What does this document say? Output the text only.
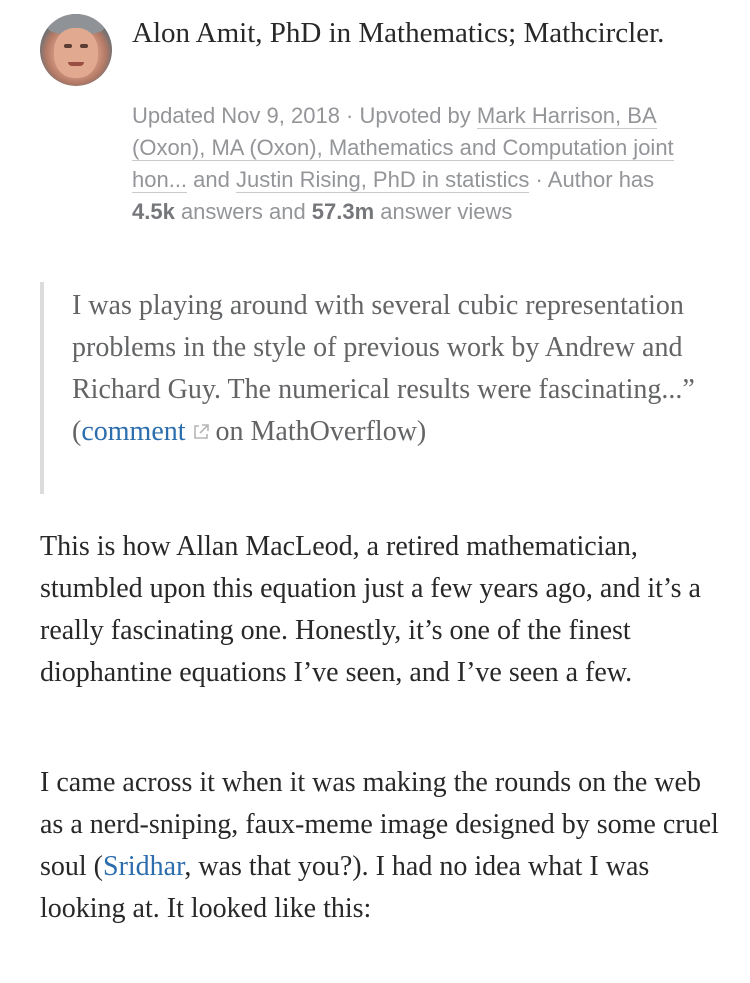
Alon Amit, PhD in Mathematics; Mathcircler.
Updated Nov 9, 2018 · Upvoted by Mark Harrison, BA (Oxon), MA (Oxon), Mathematics and Computation joint hon... and Justin Rising, PhD in statistics · Author has 4.5k answers and 57.3m answer views
I was playing around with several cubic representation problems in the style of previous work by Andrew and Richard Guy. The numerical results were fascinating...”
(comment on MathOverflow)
This is how Allan MacLeod, a retired mathematician, stumbled upon this equation just a few years ago, and it’s a really fascinating one. Honestly, it’s one of the finest diophantine equations I’ve seen, and I’ve seen a few.
I came across it when it was making the rounds on the web as a nerd-sniping, faux-meme image designed by some cruel soul (Sridhar, was that you?). I had no idea what I was looking at. It looked like this:
